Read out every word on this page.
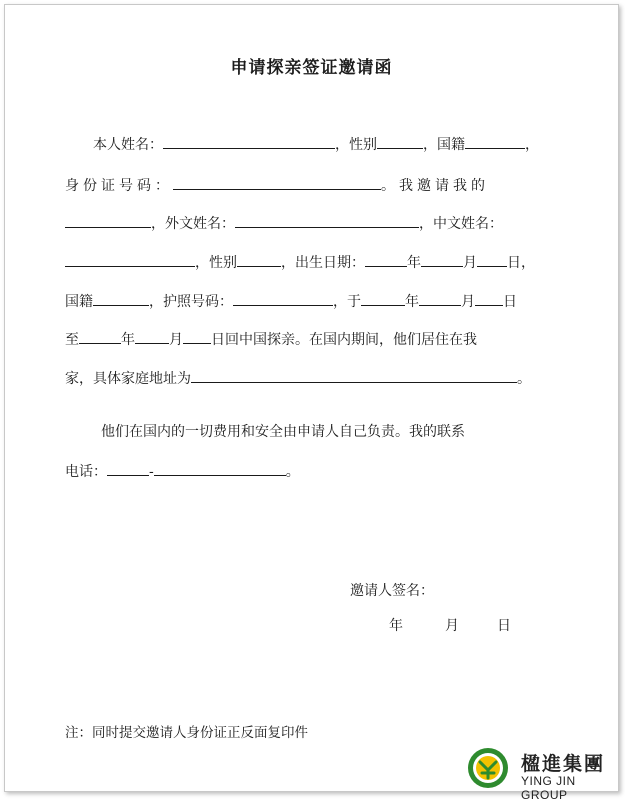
申请探亲签证邀请函
本人姓名：	，性别	，国籍	，
身份证号码：	。我邀请我的
，外文姓名：	，中文姓名：
，性别	，出生日期：	年	月 日，
国籍	，护照号码：	，于	年	月 日
至	年 月 日回中国探亲。在国内期间，他们居住在我
家，具体家庭地址为	。
他们在国内的一切费用和安全由申请人自己负责。我的联系
电话：	-	。
邀请人签名：
年	月	日
注：同时提交邀请人身份证正反面复印件
楹進集團
YING JIN GROUP
